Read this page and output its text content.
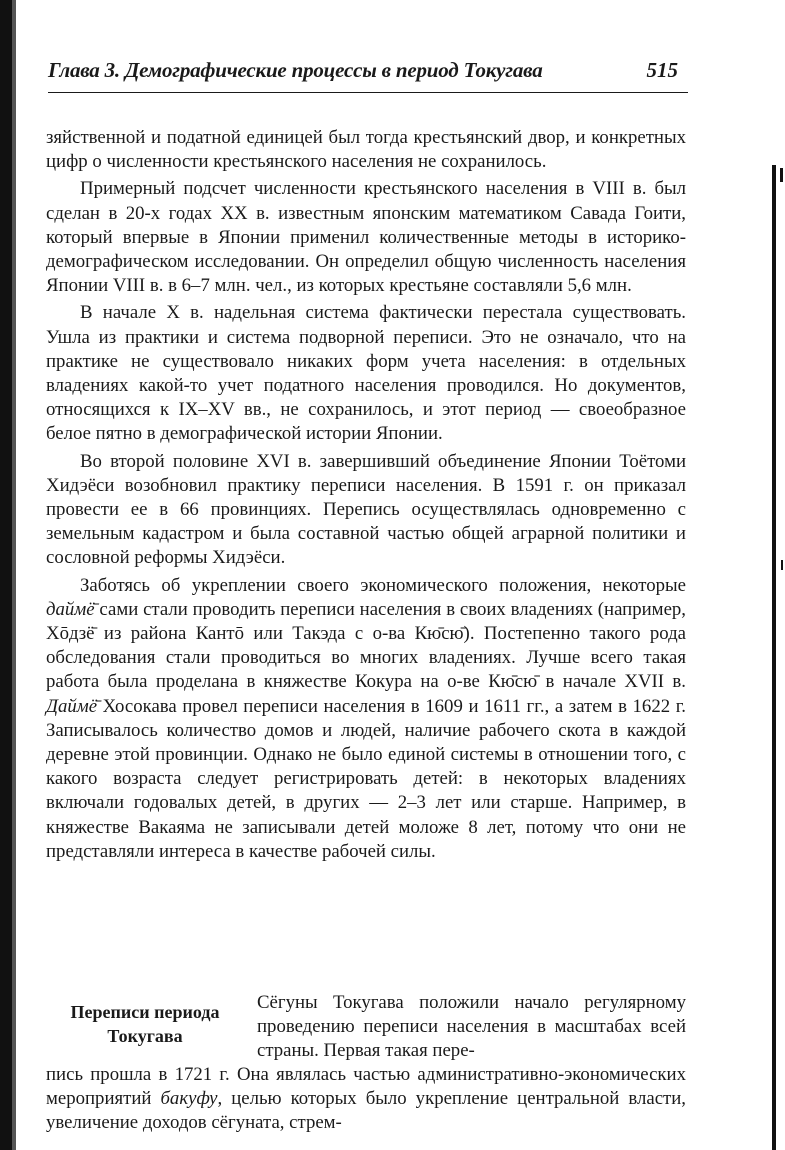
Глава 3. Демографические процессы в период Токугава	515

зяйственной и податной единицей был тогда крестьянский двор, и конкретных цифр о численности крестьянского населения не сохранилось.

Примерный подсчет численности крестьянского населения в VIII в. был сделан в 20-х годах XX в. известным японским математиком Савада Гоити, который впервые в Японии применил количественные методы в историко-демографическом исследовании. Он определил общую численность населения Японии VIII в. в 6–7 млн. чел., из которых крестьяне составляли 5,6 млн.

В начале X в. надельная система фактически перестала существовать. Ушла из практики и система подворной переписи. Это не означало, что на практике не существовало никаких форм учета населения: в отдельных владениях какой-то учет податного населения проводился. Но документов, относящихся к IX–XV вв., не сохранилось, и этот период — своеобразное белое пятно в демографической истории Японии.

Во второй половине XVI в. завершивший объединение Японии Тоётоми Хидэёси возобновил практику переписи населения. В 1591 г. он приказал провести ее в 66 провинциях. Перепись осуществлялась одновременно с земельным кадастром и была составной частью общей аграрной политики и сословной реформы Хидэёси.

Заботясь об укреплении своего экономического положения, некоторые даймё̄ сами стали проводить переписи населения в своих владениях (например, Хōдзё̄ из района Кантō или Такэда с о-ва Кю̄сю̄). Постепенно такого рода обследования стали проводиться во многих владениях. Лучше всего такая работа была проделана в княжестве Кокура на о-ве Кю̄сю̄ в начале XVII в. Даймё̄ Хосокава провел переписи населения в 1609 и 1611 гг., а затем в 1622 г. Записывалось количество домов и людей, наличие рабочего скота в каждой деревне этой провинции. Однако не было единой системы в отношении того, с какого возраста следует регистрировать детей: в некоторых владениях включали годовалых детей, в других — 2–3 лет или старше. Например, в княжестве Вакаяма не записывали детей моложе 8 лет, потому что они не представляли интереса в качестве рабочей силы.

Переписи периода Токугава

Сёгуны Токугава положили начало регулярному проведению переписи населения в масштабах всей страны. Первая такая пере-

пись прошла в 1721 г. Она являлась частью административно-экономических мероприятий бакуфу, целью которых было укрепление центральной власти, увеличение доходов сёгуната, стрем-
